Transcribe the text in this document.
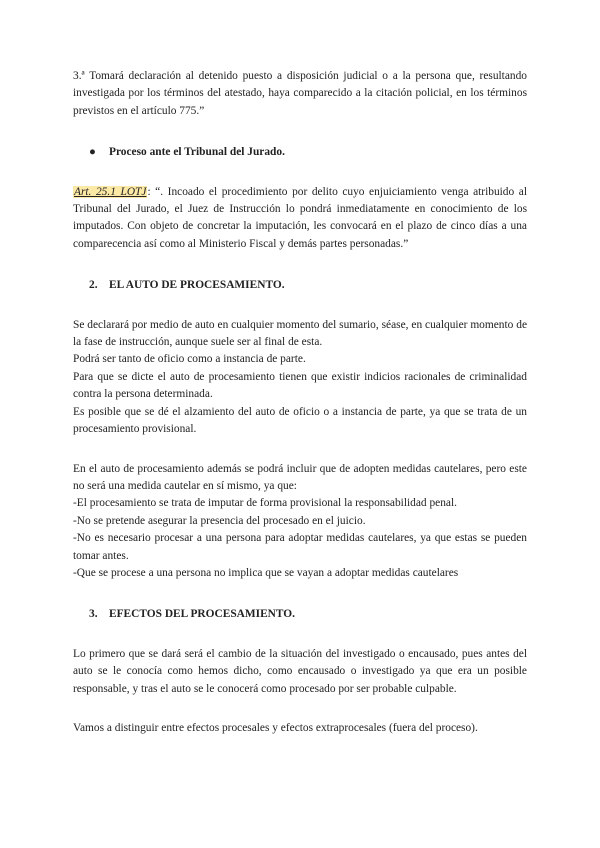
3.ª Tomará declaración al detenido puesto a disposición judicial o a la persona que, resultando investigada por los términos del atestado, haya comparecido a la citación policial, en los términos previstos en el artículo 775.”

●	Proceso ante el Tribunal del Jurado.

Art. 25.1 LOTJ: “. Incoado el procedimiento por delito cuyo enjuiciamiento venga atribuido al Tribunal del Jurado, el Juez de Instrucción lo pondrá inmediatamente en conocimiento de los imputados. Con objeto de concretar la imputación, les convocará en el plazo de cinco días a una comparecencia así como al Ministerio Fiscal y demás partes personadas.”

2.	EL AUTO DE PROCESAMIENTO.

Se declarará por medio de auto en cualquier momento del sumario, séase, en cualquier momento de la fase de instrucción, aunque suele ser al final de esta.

Podrá ser tanto de oficio como a instancia de parte.

Para que se dicte el auto de procesamiento tienen que existir indicios racionales de criminalidad contra la persona determinada.

Es posible que se dé el alzamiento del auto de oficio o a instancia de parte, ya que se trata de un procesamiento provisional.

En el auto de procesamiento además se podrá incluir que de adopten medidas cautelares, pero este no será una medida cautelar en sí mismo, ya que:

-El procesamiento se trata de imputar de forma provisional la responsabilidad penal.

-No se pretende asegurar la presencia del procesado en el juicio.

-No es necesario procesar a una persona para adoptar medidas cautelares, ya que estas se pueden tomar antes.

-Que se procese a una persona no implica que se vayan a adoptar medidas cautelares

3.	EFECTOS DEL PROCESAMIENTO.

Lo primero que se dará será el cambio de la situación del investigado o encausado, pues antes del auto se le conocía como hemos dicho, como encausado o investigado ya que era un posible responsable, y tras el auto se le conocerá como procesado por ser probable culpable.

Vamos a distinguir entre efectos procesales y efectos extraprocesales (fuera del proceso).
